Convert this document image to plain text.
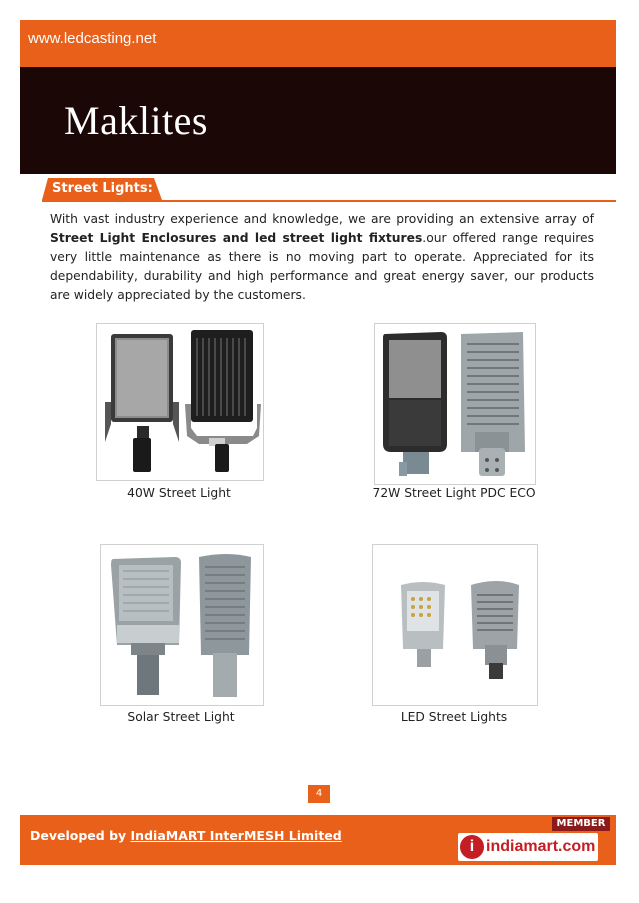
www.ledcasting.net
Maklites
Street Lights:

With vast industry experience and knowledge, we are providing an extensive array of Street Light Enclosures and led street light fixtures.our offered range requires very little maintenance as there is no moving part to operate. Appreciated for its dependability, durability and high performance and great energy saver, our products are widely appreciated by the customers.

40W Street Light	72W Street Light PDC ECO
Solar Street Light	LED Street Lights
4
Developed by IndiaMART InterMESH Limited
MEMBER
i indiamart.com
